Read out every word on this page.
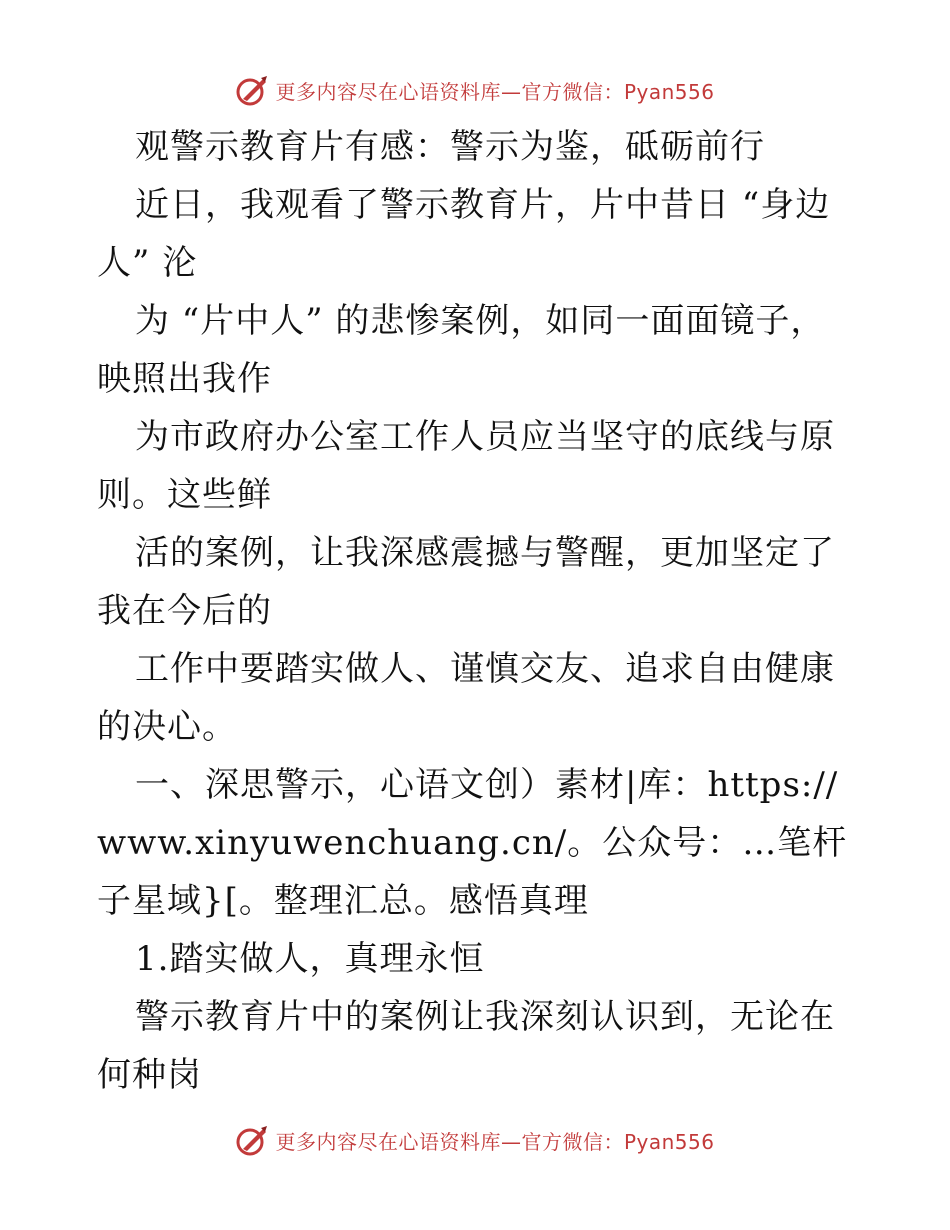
更多内容尽在心语资料库—官方微信：Pyan556

观警示教育片有感：警示为鉴，砥砺前行

近日，我观看了警示教育片，片中昔日 “身边人” 沦

为 “片中人” 的悲惨案例，如同一面面镜子，映照出我作

为市政府办公室工作人员应当坚守的底线与原则。这些鲜

活的案例，让我深感震撼与警醒，更加坚定了我在今后的

工作中要踏实做人、谨慎交友、追求自由健康的决心。

一、深思警示，心语文创）素材|库：https://www.xinyuwenchuang.cn/。公众号：…笔杆子星域}[。整理汇总。感悟真理

1.踏实做人，真理永恒

警示教育片中的案例让我深刻认识到，无论在何种岗

更多内容尽在心语资料库—官方微信：Pyan556
